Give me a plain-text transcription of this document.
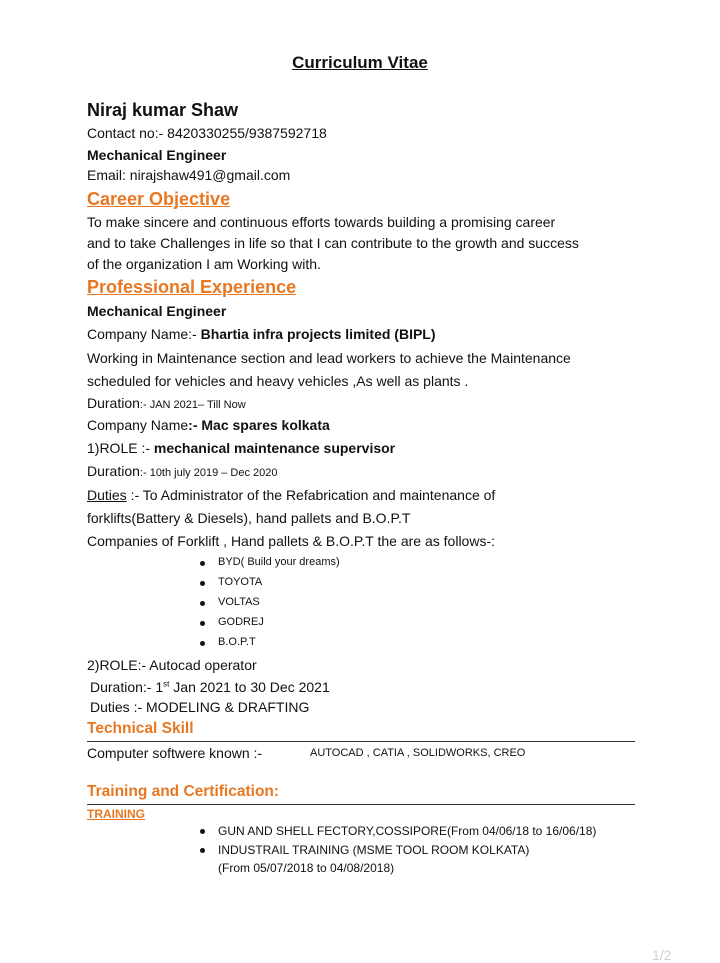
Curriculum Vitae
Niraj kumar Shaw
Contact no:- 8420330255/9387592718
Mechanical Engineer
Email: nirajshaw491@gmail.com
Career Objective
To make sincere and continuous efforts towards building a promising career
and to take Challenges in life so that I can contribute to the growth and success
of the organization I am Working with.
Professional Experience
Mechanical Engineer
Company Name:- Bhartia infra projects limited (BIPL)
Working in Maintenance section and lead workers to achieve the Maintenance
scheduled for vehicles and heavy vehicles ,As well as plants .
Duration:- JAN 2021– Till Now
Company Name:- Mac spares kolkata
1)ROLE :- mechanical maintenance supervisor
Duration:- 10th july 2019 – Dec 2020
Duties :- To Administrator of the Refabrication and maintenance of
forklifts(Battery & Diesels), hand pallets and B.O.P.T
Companies of Forklift , Hand pallets & B.O.P.T the are as follows-:
BYD( Build your dreams)
TOYOTA
VOLTAS
GODREJ
B.O.P.T
2)ROLE:- Autocad operator
Duration:- 1st Jan 2021 to 30 Dec 2021
Duties :- MODELING & DRAFTING
Technical Skill
Computer softwere known :-	AUTOCAD , CATIA , SOLIDWORKS, CREO
Training and Certification:
TRAINING
GUN AND SHELL FECTORY,COSSIPORE(From 04/06/18 to 16/06/18)
INDUSTRAIL TRAINING (MSME TOOL ROOM KOLKATA)
(From 05/07/2018 to 04/08/2018)
1/2
